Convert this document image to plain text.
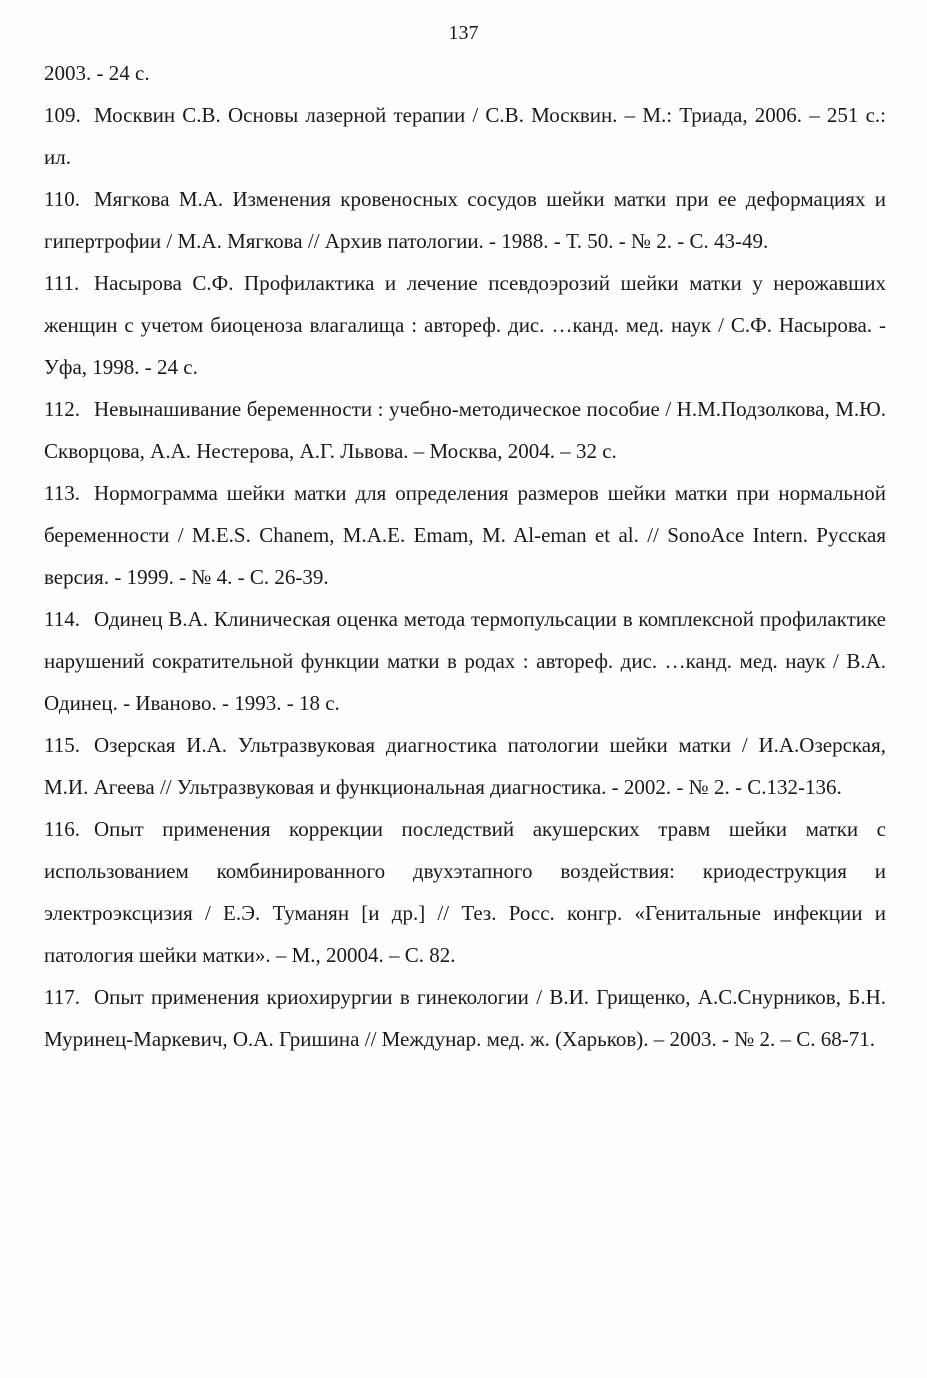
137

2003. - 24 с.

109. Москвин С.В. Основы лазерной терапии / С.В. Москвин. – М.: Триада, 2006. – 251 с.: ил.

110. Мягкова М.А. Изменения кровеносных сосудов шейки матки при ее деформациях и гипертрофии / М.А. Мягкова // Архив патологии. - 1988. - Т. 50. - № 2. - С. 43-49.

111. Насырова С.Ф. Профилактика и лечение псевдоэрозий шейки матки у нерожавших женщин с учетом биоценоза влагалища : автореф. дис. …канд. мед. наук / С.Ф. Насырова. - Уфа, 1998. - 24 с.

112. Невынашивание беременности : учебно-методическое пособие / Н.М.Подзолкова, М.Ю. Скворцова, А.А. Нестерова, А.Г. Львова. – Москва, 2004. – 32 с.

113. Нормограмма шейки матки для определения размеров шейки матки при нормальной беременности / M.E.S. Chanem, M.A.E. Emam, M. Al-eman et al. // SonoAce Intern. Русская версия. - 1999. - № 4. - С. 26-39.

114. Одинец В.А. Клиническая оценка метода термопульсации в комплексной профилактике нарушений сократительной функции матки в родах : автореф. дис. …канд. мед. наук / В.А. Одинец. - Иваново. - 1993. - 18 с.

115. Озерская И.А. Ультразвуковая диагностика патологии шейки матки / И.А.Озерская, М.И. Агеева // Ультразвуковая и функциональная диагностика. - 2002. - № 2. - С.132-136.

116. Опыт применения коррекции последствий акушерских травм шейки матки с использованием комбинированного двухэтапного воздействия: криодеструкция и электроэксцизия / Е.Э. Туманян [и др.] // Тез. Росс. конгр. «Генитальные инфекции и патология шейки матки». – М., 20004. – С. 82.

117. Опыт применения криохирургии в гинекологии / В.И. Грищенко, А.С.Снурников, Б.Н. Муринец-Маркевич, О.А. Гришина // Междунар. мед. ж. (Харьков). – 2003. - № 2. – С. 68-71.
